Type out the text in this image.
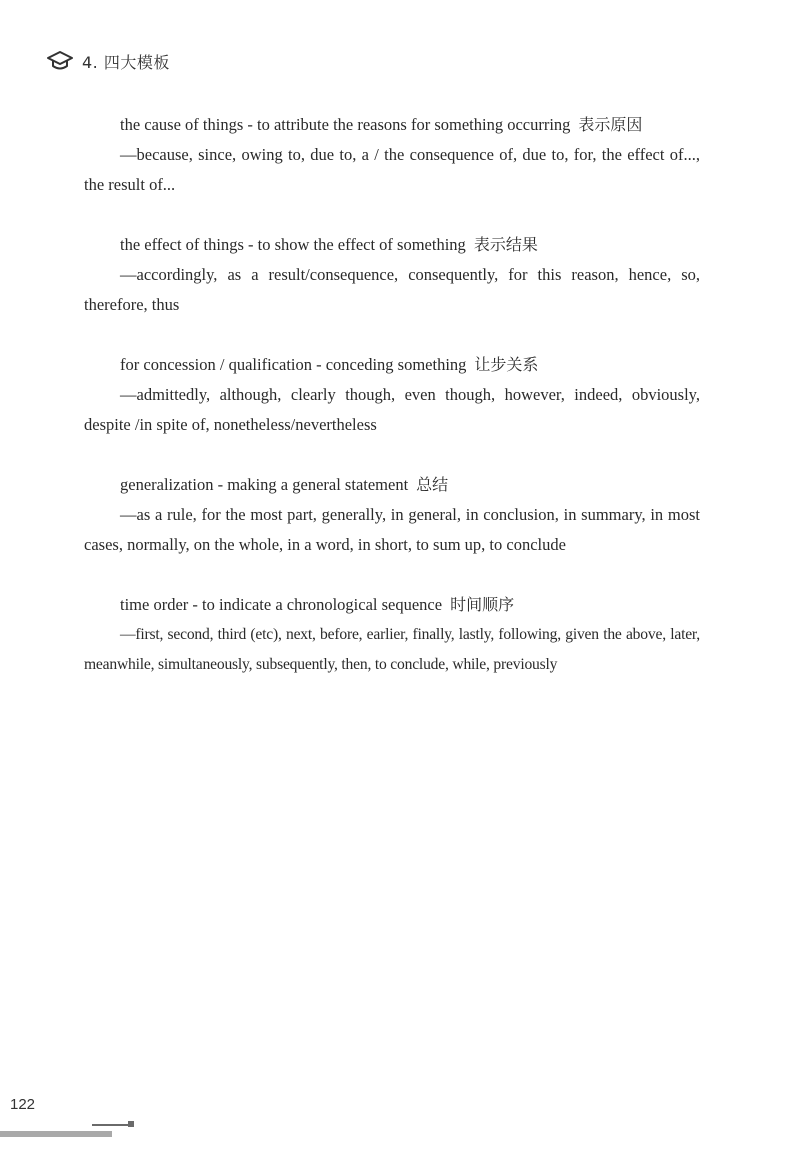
4. 四大模板
the cause of things - to attribute the reasons for something occurring 表示原因
—because, since, owing to, due to, a / the consequence of, due to, for, the effect of..., the result of...
the effect of things - to show the effect of something 表示结果
—accordingly, as a result/consequence, consequently, for this reason, hence, so, therefore, thus
for concession / qualification - conceding something 让步关系
—admittedly, although, clearly though, even though, however, indeed, obviously, despite /in spite of, nonetheless/nevertheless
generalization - making a general statement 总结
—as a rule, for the most part, generally, in general, in conclusion, in summary, in most cases, normally, on the whole, in a word, in short, to sum up, to conclude
time order - to indicate a chronological sequence 时间顺序
—first, second, third (etc), next, before, earlier, finally, lastly, following, given the above, later, meanwhile, simultaneously, subsequently, then, to conclude, while, previously
122
